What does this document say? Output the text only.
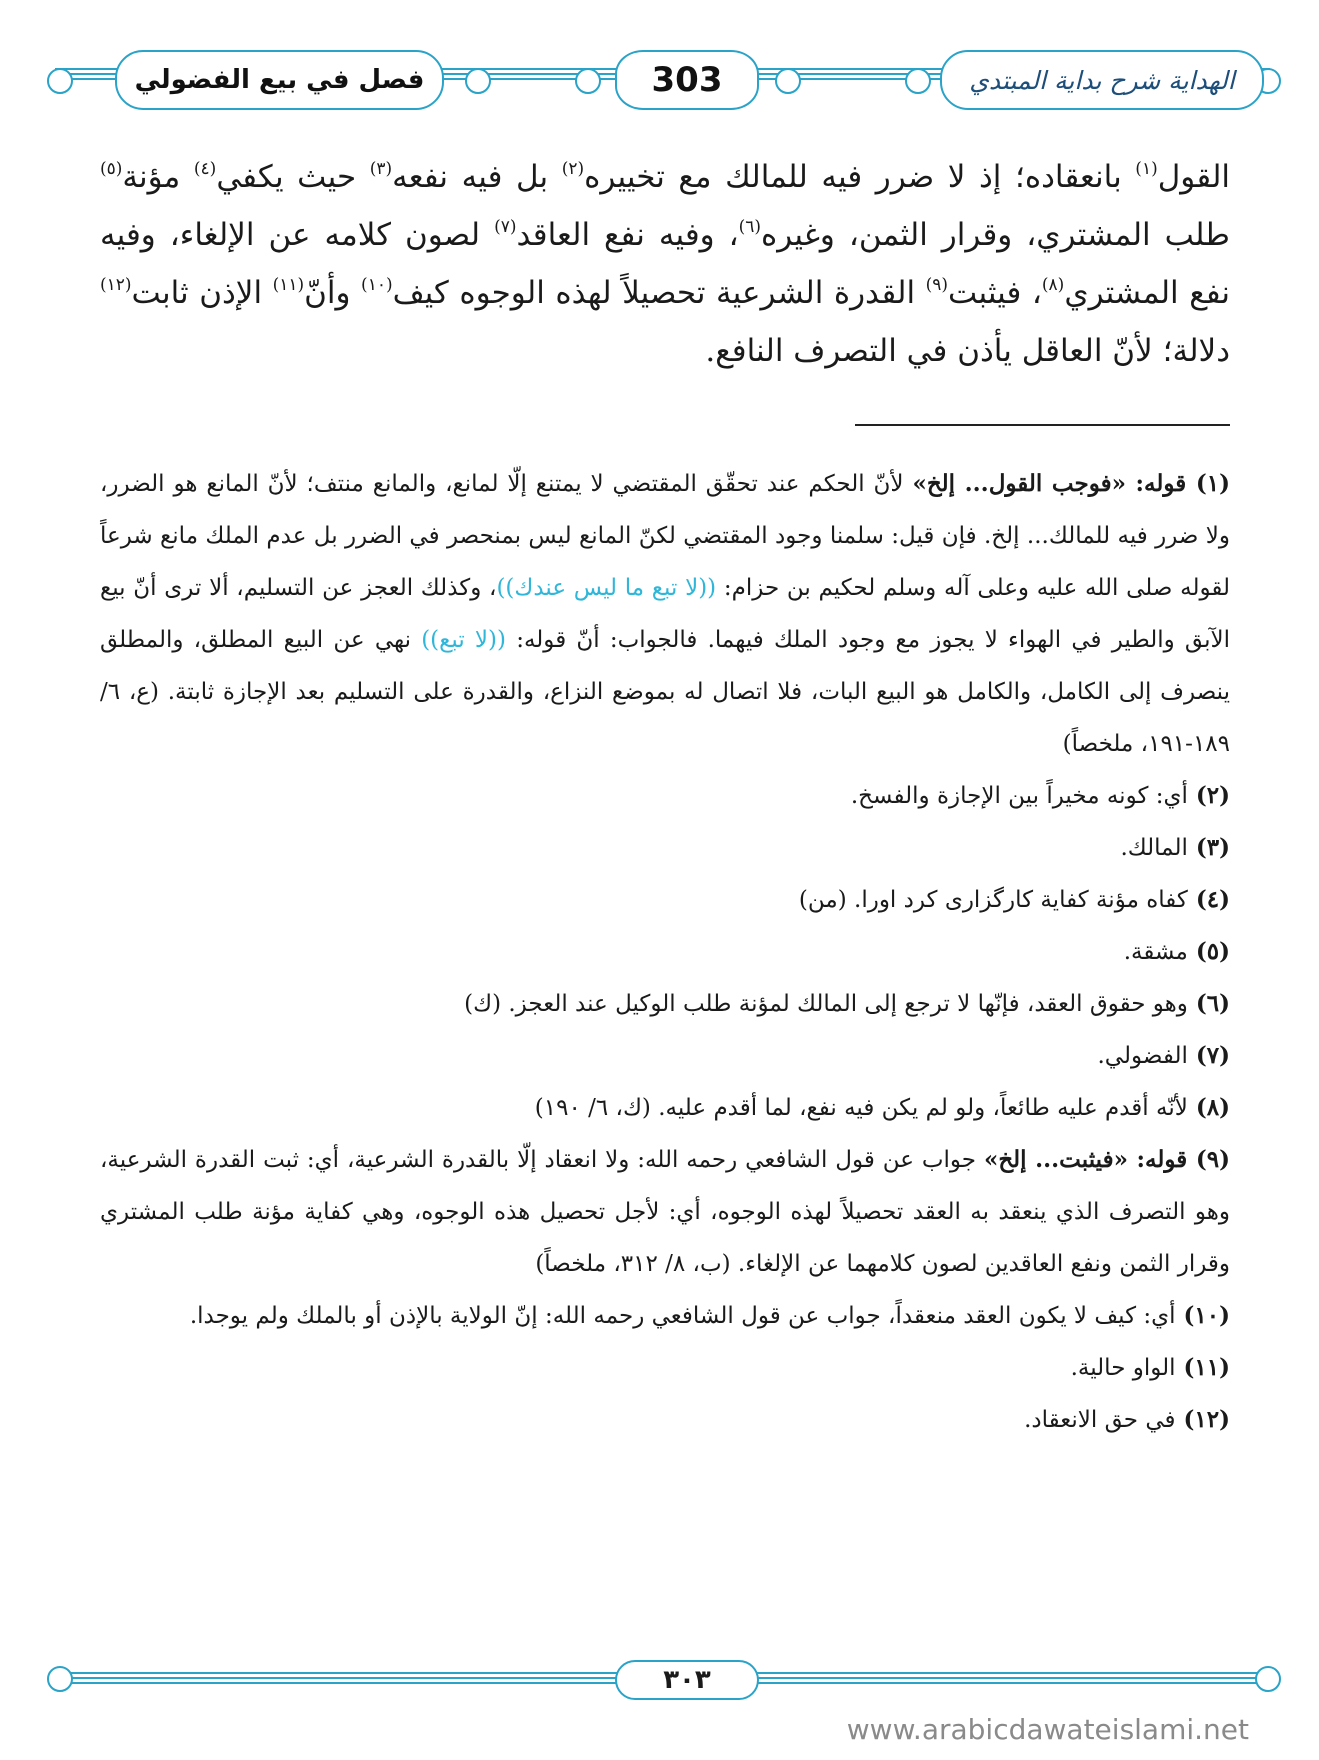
الهداية شرح بداية المبتدي
303
فصل في بيع الفضولي
القول$^{(١)}$ بانعقاده؛ إذ لا ضرر فيه للمالك مع تخييره$^{(٢)}$ بل فيه نفعه$^{(٣)}$ حيث يكفي$^{(٤)}$ مؤنة$^{(٥)}$ طلب المشتري، وقرار الثمن، وغيره$^{(٦)}$، وفيه نفع العاقد$^{(٧)}$ لصون كلامه عن الإلغاء، وفيه نفع المشتري$^{(٨)}$، فيثبت$^{(٩)}$ القدرة الشرعية تحصيلاً لهذه الوجوه كيف$^{(١٠)}$ وأنّ$^{(١١)}$ الإذن ثابت$^{(١٢)}$ دلالة؛ لأنّ العاقل يأذن في التصرف النافع.

(١) قوله: «فوجب القول... إلخ» لأنّ الحكم عند تحقّق المقتضي لا يمتنع إلّا لمانع، والمانع منتف؛ لأنّ المانع هو الضرر، ولا ضرر فيه للمالك... إلخ. فإن قيل: سلمنا وجود المقتضي لكنّ المانع ليس بمنحصر في الضرر بل عدم الملك مانع شرعاً لقوله صلى الله عليه وعلى آله وسلم لحكيم بن حزام: ((لا تبع ما ليس عندك))، وكذلك العجز عن التسليم، ألا ترى أنّ بيع الآبق والطير في الهواء لا يجوز مع وجود الملك فيهما. فالجواب: أنّ قوله: ((لا تبع)) نهي عن البيع المطلق، والمطلق ينصرف إلى الكامل، والكامل هو البيع البات، فلا اتصال له بموضع النزاع، والقدرة على التسليم بعد الإجازة ثابتة. (ع، ٦/ ١٨٩-١٩١، ملخصاً)

(٢) أي: كونه مخيراً بين الإجازة والفسخ.

(٣) المالك.

(٤) كفاه مؤنة كفاية كارگزارى كرد اورا. (من)

(٥) مشقة.

(٦) وهو حقوق العقد، فإنّها لا ترجع إلى المالك لمؤنة طلب الوكيل عند العجز. (ك)

(٧) الفضولي.

(٨) لأنّه أقدم عليه طائعاً، ولو لم يكن فيه نفع، لما أقدم عليه. (ك، ٦/ ١٩٠)

(٩) قوله: «فيثبت... إلخ» جواب عن قول الشافعي رحمه الله: ولا انعقاد إلّا بالقدرة الشرعية، أي: ثبت القدرة الشرعية، وهو التصرف الذي ينعقد به العقد تحصيلاً لهذه الوجوه، أي: لأجل تحصيل هذه الوجوه، وهي كفاية مؤنة طلب المشتري وقرار الثمن ونفع العاقدين لصون كلامهما عن الإلغاء. (ب، ٨/ ٣١٢، ملخصاً)

(١٠) أي: كيف لا يكون العقد منعقداً، جواب عن قول الشافعي رحمه الله: إنّ الولاية بالإذن أو بالملك ولم يوجدا.

(١١) الواو حالية.

(١٢) في حق الانعقاد.

٣٠٣
www.arabicdawateislami.net
